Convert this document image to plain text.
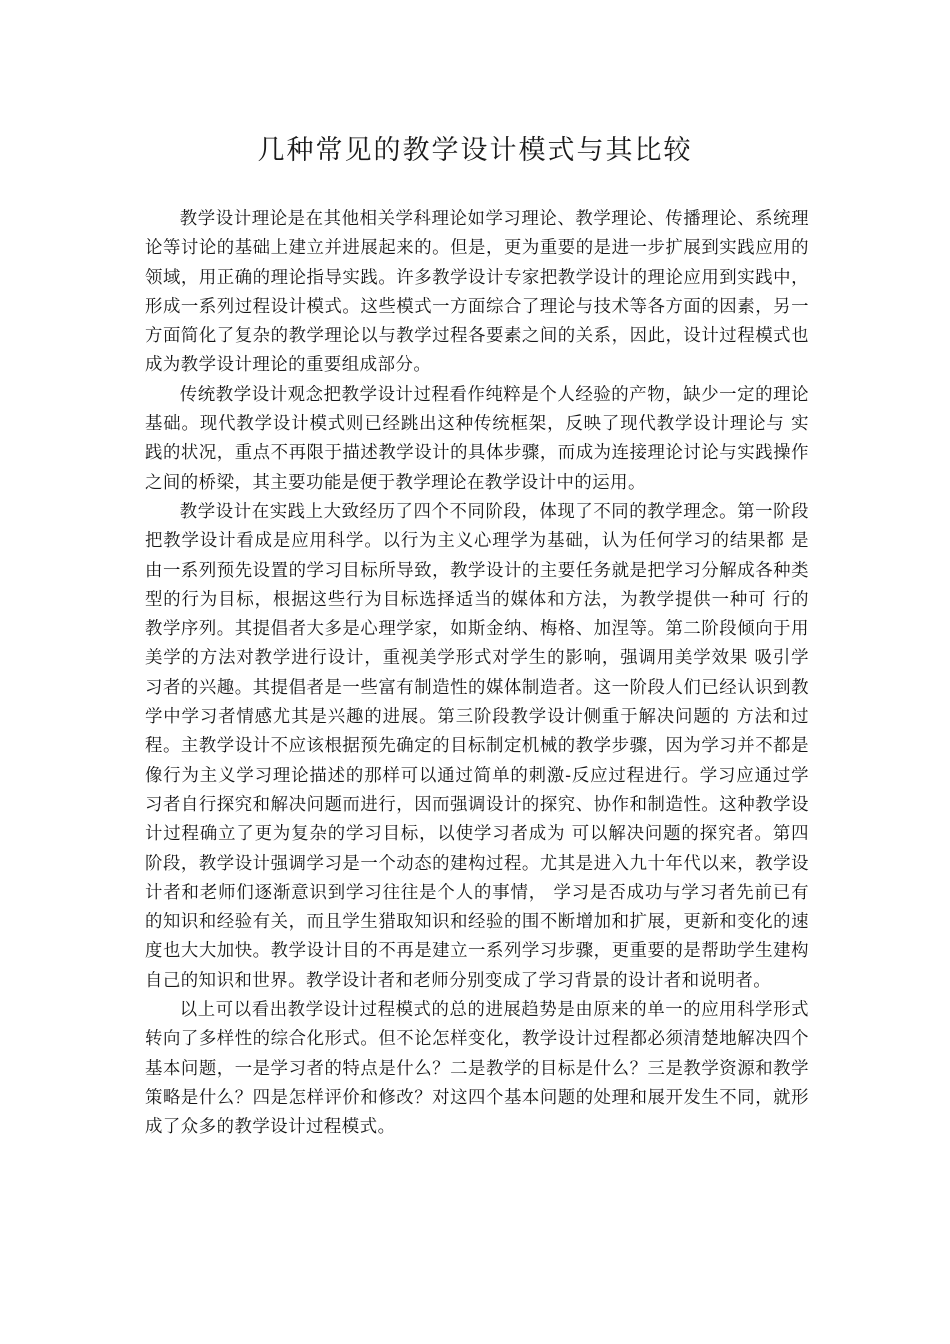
几种常见的教学设计模式与其比较

教学设计理论是在其他相关学科理论如学习理论、教学理论、传播理论、系统理论等讨论的基础上建立并进展起来的。但是，更为重要的是进一步扩展到实践应用的 领域，用正确的理论指导实践。许多教学设计专家把教学设计的理论应用到实践中，形成一系列过程设计模式。这些模式一方面综合了理论与技术等各方面的因素，另一方面简化了复杂的教学理论以与教学过程各要素之间的关系，因此，设计过程模式也成为教学设计理论的重要组成部分。

传统教学设计观念把教学设计过程看作纯粹是个人经验的产物，缺少一定的理论基础。现代教学设计模式则已经跳出这种传统框架，反映了现代教学设计理论与 实践的状况，重点不再限于描述教学设计的具体步骤，而成为连接理论讨论与实践操作之间的桥梁，其主要功能是便于教学理论在教学设计中的运用。

教学设计在实践上大致经历了四个不同阶段，体现了不同的教学理念。第一阶段把教学设计看成是应用科学。以行为主义心理学为基础，认为任何学习的结果都 是由一系列预先设置的学习目标所导致，教学设计的主要任务就是把学习分解成各种类型的行为目标，根据这些行为目标选择适当的媒体和方法，为教学提供一种可 行的教学序列。其提倡者大多是心理学家，如斯金纳、梅格、加涅等。第二阶段倾向于用美学的方法对教学进行设计，重视美学形式对学生的影响，强调用美学效果 吸引学习者的兴趣。其提倡者是一些富有制造性的媒体制造者。这一阶段人们已经认识到教学中学习者情感尤其是兴趣的进展。第三阶段教学设计侧重于解决问题的 方法和过程。主教学设计不应该根据预先确定的目标制定机械的教学步骤，因为学习并不都是像行为主义学习理论描述的那样可以通过简单的刺激-反应过程进行。学习应通过学习者自行探究和解决问题而进行，因而强调设计的探究、协作和制造性。这种教学设计过程确立了更为复杂的学习目标，以使学习者成为 可以解决问题的探究者。第四阶段，教学设计强调学习是一个动态的建构过程。尤其是进入九十年代以来，教学设计者和老师们逐渐意识到学习往往是个人的事情， 学习是否成功与学习者先前已有的知识和经验有关，而且学生猎取知识和经验的围不断增加和扩展，更新和变化的速度也大大加快。教学设计目的不再是建立一系列学习步骤，更重要的是帮助学生建构自己的知识和世界。教学设计者和老师分别变成了学习背景的设计者和说明者。

以上可以看出教学设计过程模式的总的进展趋势是由原来的单一的应用科学形式转向了多样性的综合化形式。但不论怎样变化，教学设计过程都必须清楚地解决四个基本问题，一是学习者的特点是什么？二是教学的目标是什么？三是教学资源和教学策略是什么？四是怎样评价和修改？对这四个基本问题的处理和展开发生不同，就形成了众多的教学设计过程模式。
